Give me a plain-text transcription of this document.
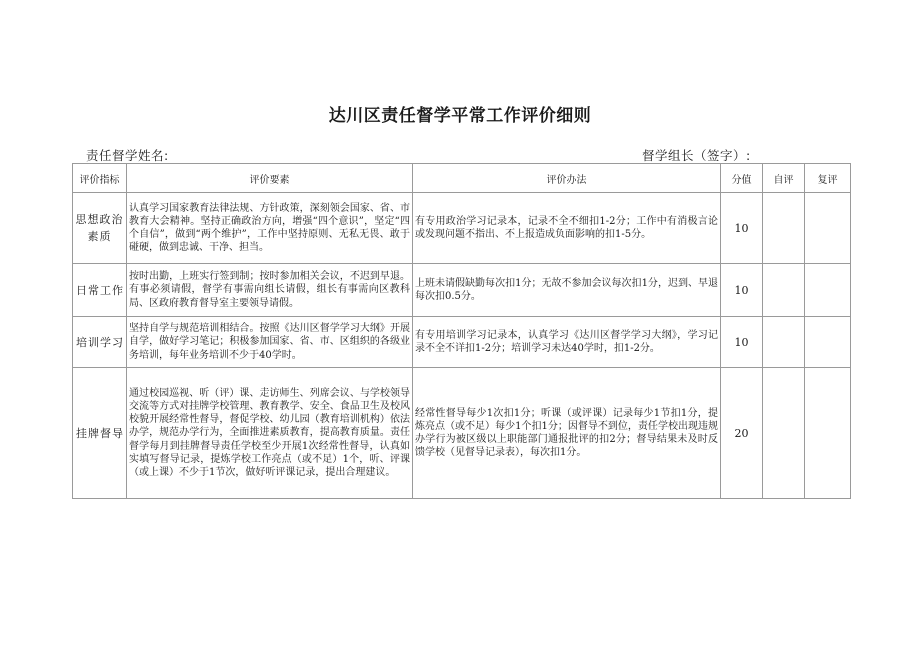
达川区责任督学平常工作评价细则
责任督学姓名:	督学组长（签字）:
评价指标	评价要素	评价办法	分值	自评	复评
思想政治素质	认真学习国家教育法律法规、方针政策，深刻领会国家、省、市教育大会精神。坚持正确政治方向，增强“四个意识”，坚定“四个自信”，做到“两个维护”，工作中坚持原则、无私无畏、敢于碰硬，做到忠诚、干净、担当。	有专用政治学习记录本，记录不全不细扣1-2分；工作中有消极言论或发现问题不指出、不上报造成负面影响的扣1-5分。	10		
日常工作	按时出勤，上班实行签到制；按时参加相关会议，不迟到早退。有事必须请假，督学有事需向组长请假，组长有事需向区教科局、区政府教育督导室主要领导请假。	上班未请假缺勤每次扣1分；无故不参加会议每次扣1分，迟到、早退每次扣0.5分。	10		
培训学习	坚持自学与规范培训相结合。按照《达川区督学学习大纲》开展自学，做好学习笔记；积极参加国家、省、市、区组织的各级业务培训，每年业务培训不少于40学时。	有专用培训学习记录本，认真学习《达川区督学学习大纲》，学习记录不全不详扣1-2分；培训学习未达40学时，扣1-2分。	10		
挂牌督导	通过校园巡视、听（评）课、走访师生、列席会议、与学校领导交流等方式对挂牌学校管理、教育教学、安全、食品卫生及校风校貌开展经常性督导，督促学校、幼儿园（教育培训机构）依法办学，规范办学行为，全面推进素质教育，提高教育质量。责任督学每月到挂牌督导责任学校至少开展1次经常性督导，认真如实填写督导记录，提炼学校工作亮点（或不足）1个，听、评课（或上课）不少于1节次，做好听评课记录，提出合理建议。	经常性督导每少1次扣1分；听课（或评课）记录每少1节扣1分，提炼亮点（或不足）每少1个扣1分；因督导不到位，责任学校出现违规办学行为被区级以上职能部门通报批评的扣2分；督导结果未及时反馈学校（见督导记录表），每次扣1分。	20		
